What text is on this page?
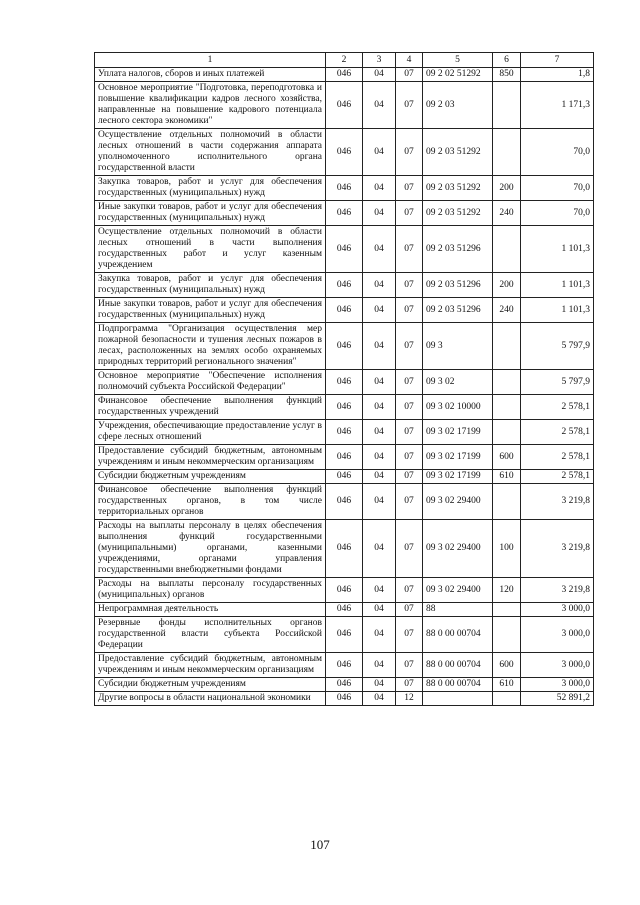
1	2	3	4	5	6	7
Уплата налогов, сборов и иных платежей	046	04	07	09 2 02 51292	850	1,8
Основное мероприятие "Подготовка, переподготовка и повышение квалификации кадров лесного хозяйства, направленные на повышение кадрового потенциала лесного сектора экономики"	046	04	07	09 2 03		1 171,3
Осуществление отдельных полномочий в области лесных отношений в части содержания аппарата уполномоченного исполнительного органа государственной власти	046	04	07	09 2 03 51292		70,0
Закупка товаров, работ и услуг для обеспечения государственных (муниципальных) нужд	046	04	07	09 2 03 51292	200	70,0
Иные закупки товаров, работ и услуг для обеспечения государственных (муниципальных) нужд	046	04	07	09 2 03 51292	240	70,0
Осуществление отдельных полномочий в области лесных отношений в части выполнения государственных работ и услуг казенным учреждением	046	04	07	09 2 03 51296		1 101,3
Закупка товаров, работ и услуг для обеспечения государственных (муниципальных) нужд	046	04	07	09 2 03 51296	200	1 101,3
Иные закупки товаров, работ и услуг для обеспечения государственных (муниципальных) нужд	046	04	07	09 2 03 51296	240	1 101,3
Подпрограмма "Организация осуществления мер пожарной безопасности и тушения лесных пожаров в лесах, расположенных на землях особо охраняемых природных территорий регионального значения"	046	04	07	09 3		5 797,9
Основное мероприятие "Обеспечение исполнения полномочий субъекта Российской Федерации"	046	04	07	09 3 02		5 797,9
Финансовое обеспечение выполнения функций государственных учреждений	046	04	07	09 3 02 10000		2 578,1
Учреждения, обеспечивающие предоставление услуг в сфере лесных отношений	046	04	07	09 3 02 17199		2 578,1
Предоставление субсидий бюджетным, автономным учреждениям и иным некоммерческим организациям	046	04	07	09 3 02 17199	600	2 578,1
Субсидии бюджетным учреждениям	046	04	07	09 3 02 17199	610	2 578,1
Финансовое обеспечение выполнения функций государственных органов, в том числе территориальных органов	046	04	07	09 3 02 29400		3 219,8
Расходы на выплаты персоналу в целях обеспечения выполнения функций государственными (муниципальными) органами, казенными учреждениями, органами управления государственными внебюджетными фондами	046	04	07	09 3 02 29400	100	3 219,8
Расходы на выплаты персоналу государственных (муниципальных) органов	046	04	07	09 3 02 29400	120	3 219,8
Непрограммная деятельность	046	04	07	88		3 000,0
Резервные фонды исполнительных органов государственной власти субъекта Российской Федерации	046	04	07	88 0 00 00704		3 000,0
Предоставление субсидий бюджетным, автономным учреждениям и иным некоммерческим организациям	046	04	07	88 0 00 00704	600	3 000,0
Субсидии бюджетным учреждениям	046	04	07	88 0 00 00704	610	3 000,0
Другие вопросы в области национальной экономики	046	04	12			52 891,2
107
